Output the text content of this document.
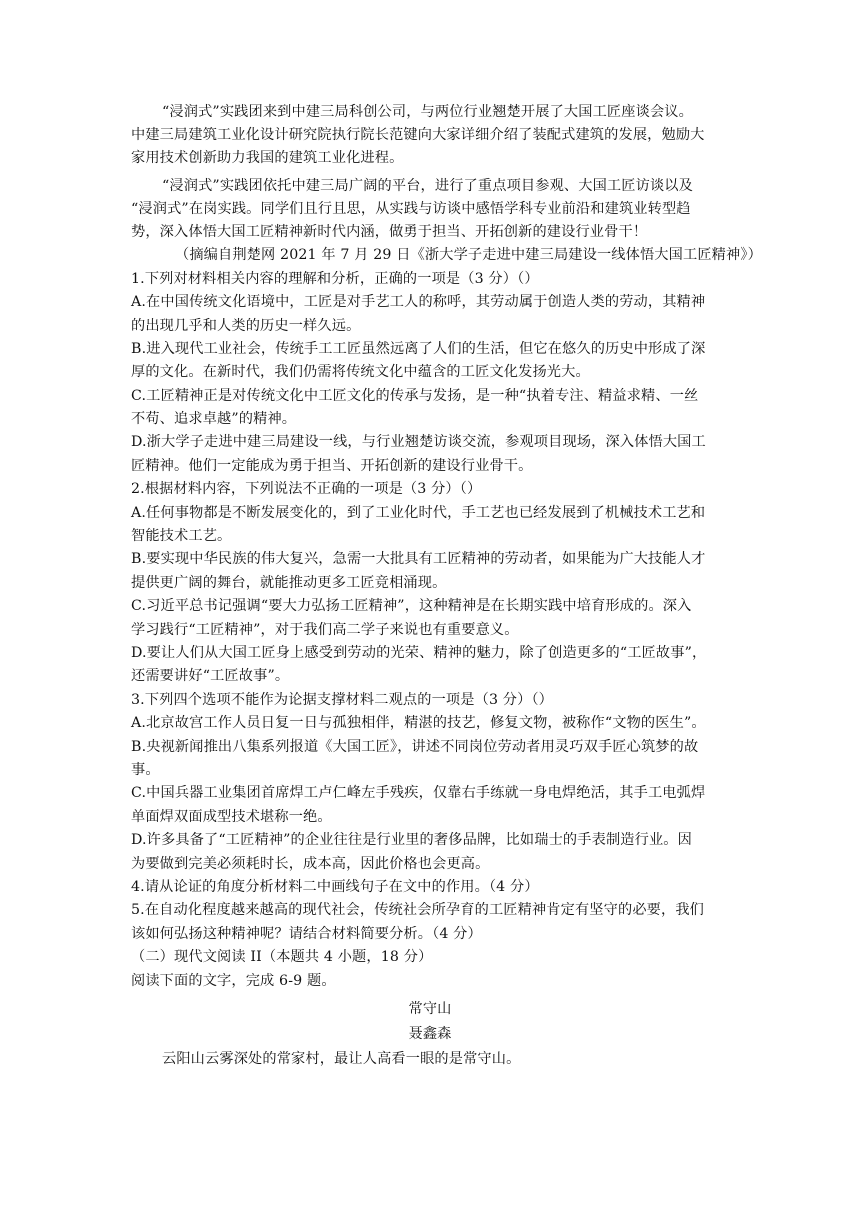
“浸润式”实践团来到中建三局科创公司，与两位行业翘楚开展了大国工匠座谈会议。
中建三局建筑工业化设计研究院执行院长范键向大家详细介绍了装配式建筑的发展，勉励大
家用技术创新助力我国的建筑工业化进程。
“浸润式”实践团依托中建三局广阔的平台，进行了重点项目参观、大国工匠访谈以及
“浸润式”在岗实践。同学们且行且思，从实践与访谈中感悟学科专业前沿和建筑业转型趋
势，深入体悟大国工匠精神新时代内涵，做勇于担当、开拓创新的建设行业骨干！
（摘编自荆楚网 2021 年 7 月 29 日《浙大学子走进中建三局建设一线体悟大国工匠精神》）
1.下列对材料相关内容的理解和分析，正确的一项是（3 分）（）
A.在中国传统文化语境中，工匠是对手艺工人的称呼，其劳动属于创造人类的劳动，其精神
的出现几乎和人类的历史一样久远。
B.进入现代工业社会，传统手工工匠虽然远离了人们的生活，但它在悠久的历史中形成了深
厚的文化。在新时代，我们仍需将传统文化中蕴含的工匠文化发扬光大。
C.工匠精神正是对传统文化中工匠文化的传承与发扬，是一种“执着专注、精益求精、一丝
不苟、追求卓越”的精神。
D.浙大学子走进中建三局建设一线，与行业翘楚访谈交流，参观项目现场，深入体悟大国工
匠精神。他们一定能成为勇于担当、开拓创新的建设行业骨干。
2.根据材料内容，下列说法不正确的一项是（3 分）（）
A.任何事物都是不断发展变化的，到了工业化时代，手工艺也已经发展到了机械技术工艺和
智能技术工艺。
B.要实现中华民族的伟大复兴，急需一大批具有工匠精神的劳动者，如果能为广大技能人才
提供更广阔的舞台，就能推动更多工匠竞相涌现。
C.习近平总书记强调“要大力弘扬工匠精神”，这种精神是在长期实践中培育形成的。深入
学习践行“工匠精神”，对于我们高二学子来说也有重要意义。
D.要让人们从大国工匠身上感受到劳动的光荣、精神的魅力，除了创造更多的“工匠故事”，
还需要讲好“工匠故事”。
3.下列四个选项不能作为论据支撑材料二观点的一项是（3 分）（）
A.北京故宫工作人员日复一日与孤独相伴，精湛的技艺，修复文物，被称作“文物的医生”。
B.央视新闻推出八集系列报道《大国工匠》，讲述不同岗位劳动者用灵巧双手匠心筑梦的故
事。
C.中国兵器工业集团首席焊工卢仁峰左手残疾，仅靠右手练就一身电焊绝活，其手工电弧焊
单面焊双面成型技术堪称一绝。
D.许多具备了“工匠精神”的企业往往是行业里的奢侈品牌，比如瑞士的手表制造行业。因
为要做到完美必须耗时长，成本高，因此价格也会更高。
4.请从论证的角度分析材料二中画线句子在文中的作用。（4 分）
5.在自动化程度越来越高的现代社会，传统社会所孕育的工匠精神肯定有坚守的必要，我们
该如何弘扬这种精神呢？请结合材料简要分析。（4 分）
（二）现代文阅读 II（本题共 4 小题，18 分）
阅读下面的文字，完成 6-9 题。
常守山
聂鑫森
云阳山云雾深处的常家村，最让人高看一眼的是常守山。
